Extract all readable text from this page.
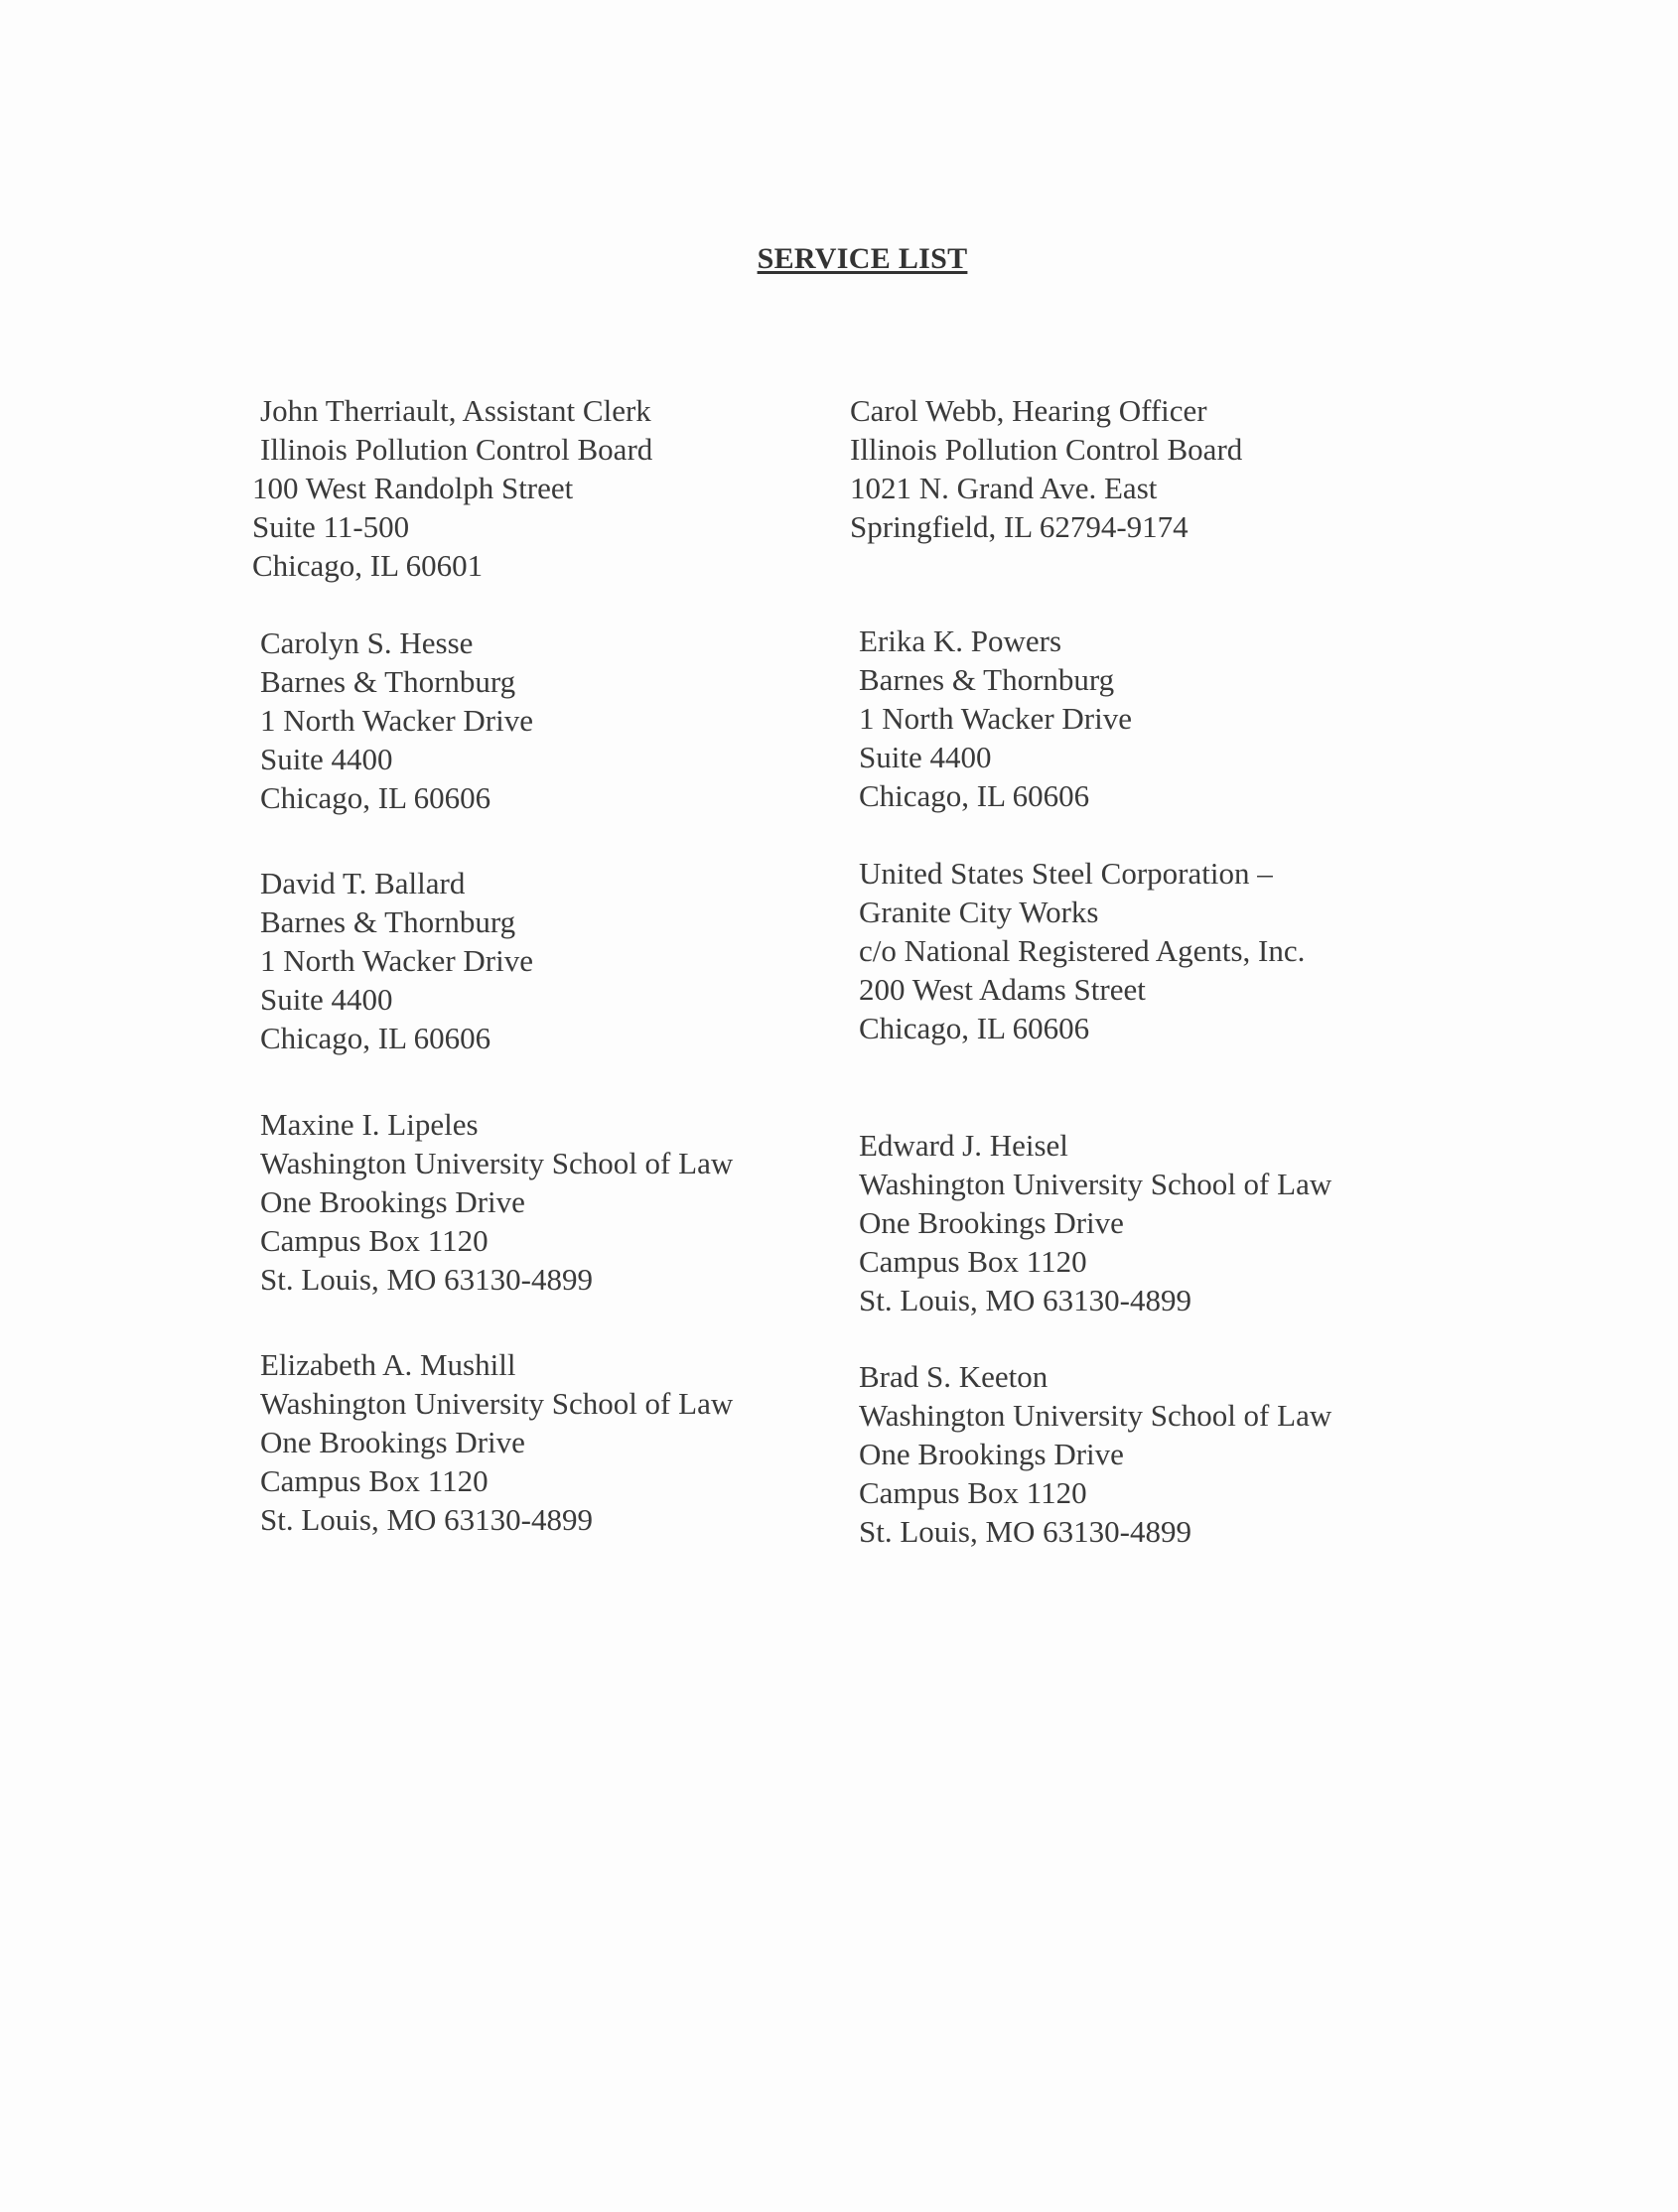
SERVICE LIST
John Therriault, Assistant Clerk
Illinois Pollution Control Board
100 West Randolph Street
Suite 11-500
Chicago, IL 60601
Carolyn S. Hesse
Barnes & Thornburg
1 North Wacker Drive
Suite 4400
Chicago, IL 60606
David T. Ballard
Barnes & Thornburg
1 North Wacker Drive
Suite 4400
Chicago, IL 60606
Maxine I. Lipeles
Washington University School of Law
One Brookings Drive
Campus Box 1120
St. Louis, MO 63130-4899
Elizabeth A. Mushill
Washington University School of Law
One Brookings Drive
Campus Box 1120
St. Louis, MO 63130-4899
Carol Webb, Hearing Officer
Illinois Pollution Control Board
1021 N. Grand Ave. East
Springfield, IL 62794-9174
Erika K. Powers
Barnes & Thornburg
1 North Wacker Drive
Suite 4400
Chicago, IL 60606
United States Steel Corporation –
Granite City Works
c/o National Registered Agents, Inc.
200 West Adams Street
Chicago, IL 60606
Edward J. Heisel
Washington University School of Law
One Brookings Drive
Campus Box 1120
St. Louis, MO 63130-4899
Brad S. Keeton
Washington University School of Law
One Brookings Drive
Campus Box 1120
St. Louis, MO 63130-4899
